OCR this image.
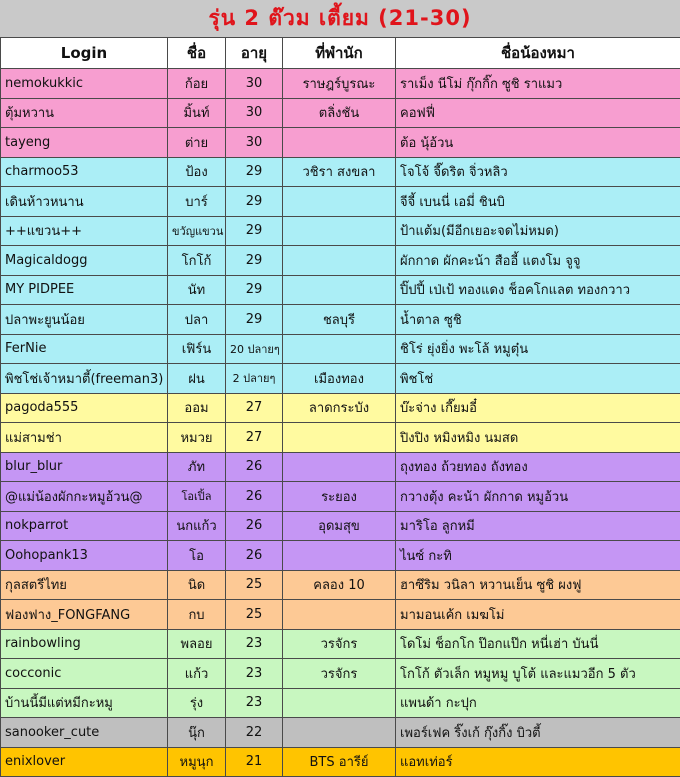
รุ่น 2 ต๊วม เตี้ยม (21-30)
Login	ชื่อ	อายุ	ที่พำนัก	ชื่อน้องหมา
nemokukkic	ก้อย	30	ราษฎร์บูรณะ	ราเม็ง นีโม่ กุ๊กกิ๊ก ซูชิ ราแมว
ตุ้มหวาน	มิ้นท์	30	ตลิ่งชัน	คอฟฟี่
tayeng	ต่าย	30		ต้อ นุ้อ้วน
charmoo53	ป้อง	29	วชิรา สงขลา	โจโจ้ จี๊ดริต จิ่วหลิว
เดินห้าวหนาน	บาร์	29		จีจี้ เบนนี่ เอมี่ ชินบิ
++แขวน++	ขวัญแขวน	29		ป้าแต้ม(มีอีกเยอะจดไม่หมด)
Magicaldogg	โกโก้	29		ผักกาด ผักคะน้า สืออี้ แตงโม จูจู
MY PIDPEE	นัท	29		ปิ๊ปปี้ เป่เป้ ทองแดง ช็อคโกแลต ทองกวาว
ปลาพะยูนน้อย	ปลา	29	ชลบุรี	น้ำตาล ซูชิ
FerNie	เฟิร์น	20 ปลายๆ		ชิโร่ ยุ่งยิ่ง พะโล้ หมูตุ๋น
พิชโช่เจ้าหมาตี้(freeman3)	ฝน	2 ปลายๆ	เมืองทอง	พิชโช่
pagoda555	ออม	27	ลาดกระบัง	บ๊ะจ่าง เกี๊ยมอี๋
แม่สามช่า	หมวย	27		ปิงปิง หมิงหมิง นมสด
blur_blur	ภัท	26		ถุงทอง ถ้วยทอง ถังทอง
@แม่น้องผักกะหมูอ้วน@	โอเปิ้ล	26	ระยอง	กวางตุ้ง คะน้า ผักกาด หมูอ้วน
nokparrot	นกแก้ว	26	อุดมสุข	มาริโอ ลูกหมี
Oohopank13	โอ	26		ไนซ์ กะทิ
กุลสตรีไทย	นิด	25	คลอง 10	ฮาซึริม วนิลา หวานเย็น ซูชิ ผงฟู
ฟองฟาง_FONGFANG	กบ	25		มามอนเค้ก เมฆโม่
rainbowling	พลอย	23	วรจักร	โดโม่ ช็อกโก ป๊อกแป๊ก หนี่เฮ่า บันนี่
cocconic	แก้ว	23	วรจักร	โกโก้ ตัวเล็ก หมูหมู บูโต้ และแมวอีก 5 ตัว
บ้านนี้มีแต่หมีกะหมู	รุ่ง	23		แพนด้า กะปุก
sanooker_cute	นุ๊ก	22		เพอร์เฟค ริ๊งเก้ กุ๊งกิ๊ง บิวตี้
enixlover	หมูนุก	21	BTS อารีย์	แอทเท่อร์
